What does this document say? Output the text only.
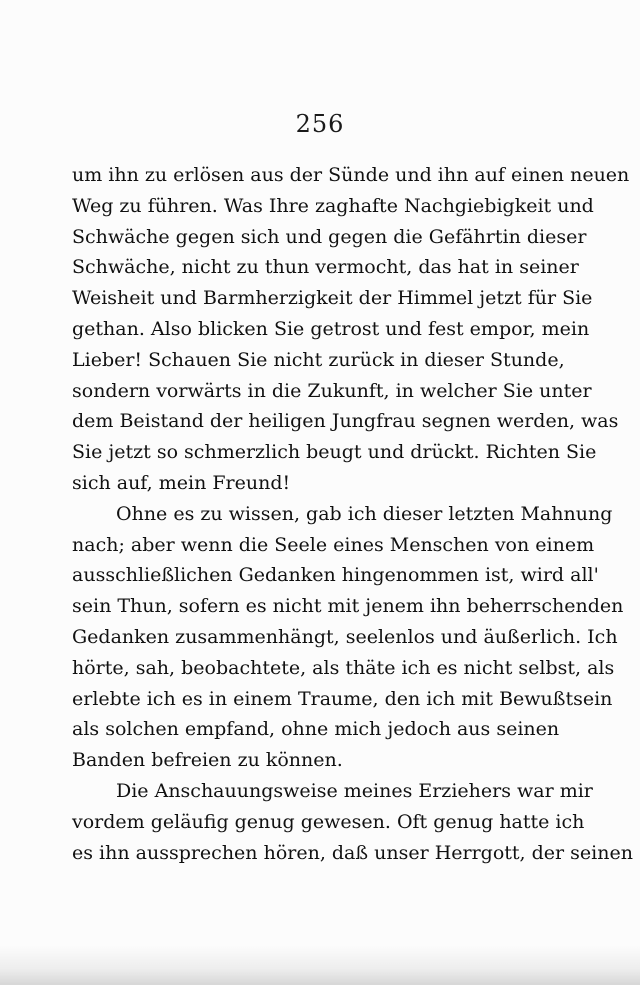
256
um ihn zu erlösen aus der Sünde und ihn auf einen neuen
Weg zu führen. Was Ihre zaghafte Nachgiebigkeit und
Schwäche gegen sich und gegen die Gefährtin dieser
Schwäche, nicht zu thun vermocht, das hat in seiner
Weisheit und Barmherzigkeit der Himmel jetzt für Sie
gethan. Also blicken Sie getrost und fest empor, mein
Lieber! Schauen Sie nicht zurück in dieser Stunde,
sondern vorwärts in die Zukunft, in welcher Sie unter
dem Beistand der heiligen Jungfrau segnen werden, was
Sie jetzt so schmerzlich beugt und drückt. Richten Sie
sich auf, mein Freund!
Ohne es zu wissen, gab ich dieser letzten Mahnung
nach; aber wenn die Seele eines Menschen von einem
ausschließlichen Gedanken hingenommen ist, wird all'
sein Thun, sofern es nicht mit jenem ihn beherrschenden
Gedanken zusammenhängt, seelenlos und äußerlich. Ich
hörte, sah, beobachtete, als thäte ich es nicht selbst, als
erlebte ich es in einem Traume, den ich mit Bewußtsein
als solchen empfand, ohne mich jedoch aus seinen
Banden befreien zu können.
Die Anschauungsweise meines Erziehers war mir
vordem geläufig genug gewesen. Oft genug hatte ich
es ihn aussprechen hören, daß unser Herrgott, der seinen
